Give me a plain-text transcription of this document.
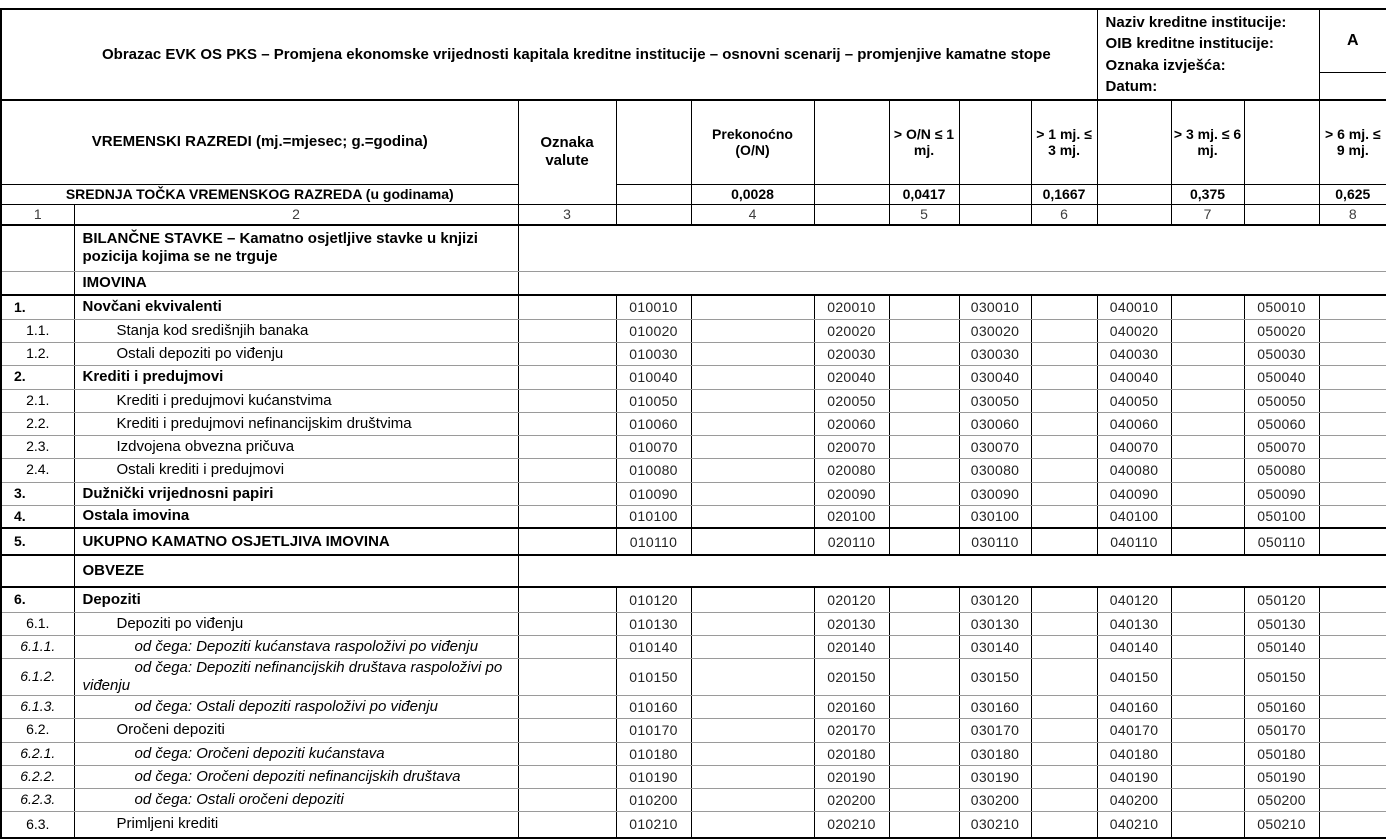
Obrazac EVK OS PKS – Promjena ekonomske vrijednosti kapitala kreditne institucije – osnovni scenarij – promjenjive kamatne stope									Naziv kreditne institucije:
OIB kreditne institucije:
Oznaka izvješća:
Datum:			A

VREMENSKI RAZREDI (mj.=mjesec; g.=godina)		Oznaka valute		Prekonoćno (O/N)		> O/N ≤ 1 mj.		> 1 mj. ≤ 3 mj.		> 3 mj. ≤ 6 mj.		> 6 mj. ≤ 9 mj.
SREDNJA TOČKA VREMENSKOG RAZREDA (u godinama)				0,0028		0,0417		0,1667		0,375		0,625
1	2	3		4		5		6		7		8
	BILANČNE STAVKE – Kamatno osjetljive stavke u knjizi pozicija kojima se ne trguje											
	IMOVINA											
1.	Novčani ekvivalenti		010010		020010		030010		040010		050010	
1.1.	Stanja kod središnjih banaka		010020		020020		030020		040020		050020	
1.2.	Ostali depoziti po viđenju		010030		020030		030030		040030		050030	
2.	Krediti i predujmovi		010040		020040		030040		040040		050040	
2.1.	Krediti i predujmovi kućanstvima		010050		020050		030050		040050		050050	
2.2.	Krediti i predujmovi nefinancijskim društvima		010060		020060		030060		040060		050060	
2.3.	Izdvojena obvezna pričuva		010070		020070		030070		040070		050070	
2.4.	Ostali krediti i predujmovi		010080		020080		030080		040080		050080	
3.	Dužnički vrijednosni papiri		010090		020090		030090		040090		050090	
4.	Ostala imovina		010100		020100		030100		040100		050100	
5.	UKUPNO KAMATNO OSJETLJIVA IMOVINA		010110		020110		030110		040110		050110	
	OBVEZE											
6.	Depoziti		010120		020120		030120		040120		050120	
6.1.	Depoziti po viđenju		010130		020130		030130		040130		050130	
6.1.1.	od čega: Depoziti kućanstava raspoloživi po viđenju		010140		020140		030140		040140		050140	
6.1.2.	od čega: Depoziti nefinancijskih društava raspoloživi po viđenju		010150		020150		030150		040150		050150	
6.1.3.	od čega: Ostali depoziti raspoloživi po viđenju		010160		020160		030160		040160		050160	
6.2.	Oročeni depoziti		010170		020170		030170		040170		050170	
6.2.1.	od čega: Oročeni depoziti kućanstava		010180		020180		030180		040180		050180	
6.2.2.	od čega: Oročeni depoziti nefinancijskih društava		010190		020190		030190		040190		050190	
6.2.3.	od čega: Ostali oročeni depoziti		010200		020200		030200		040200		050200	
6.3.	Primljeni krediti		010210		020210		030210		040210		050210	
